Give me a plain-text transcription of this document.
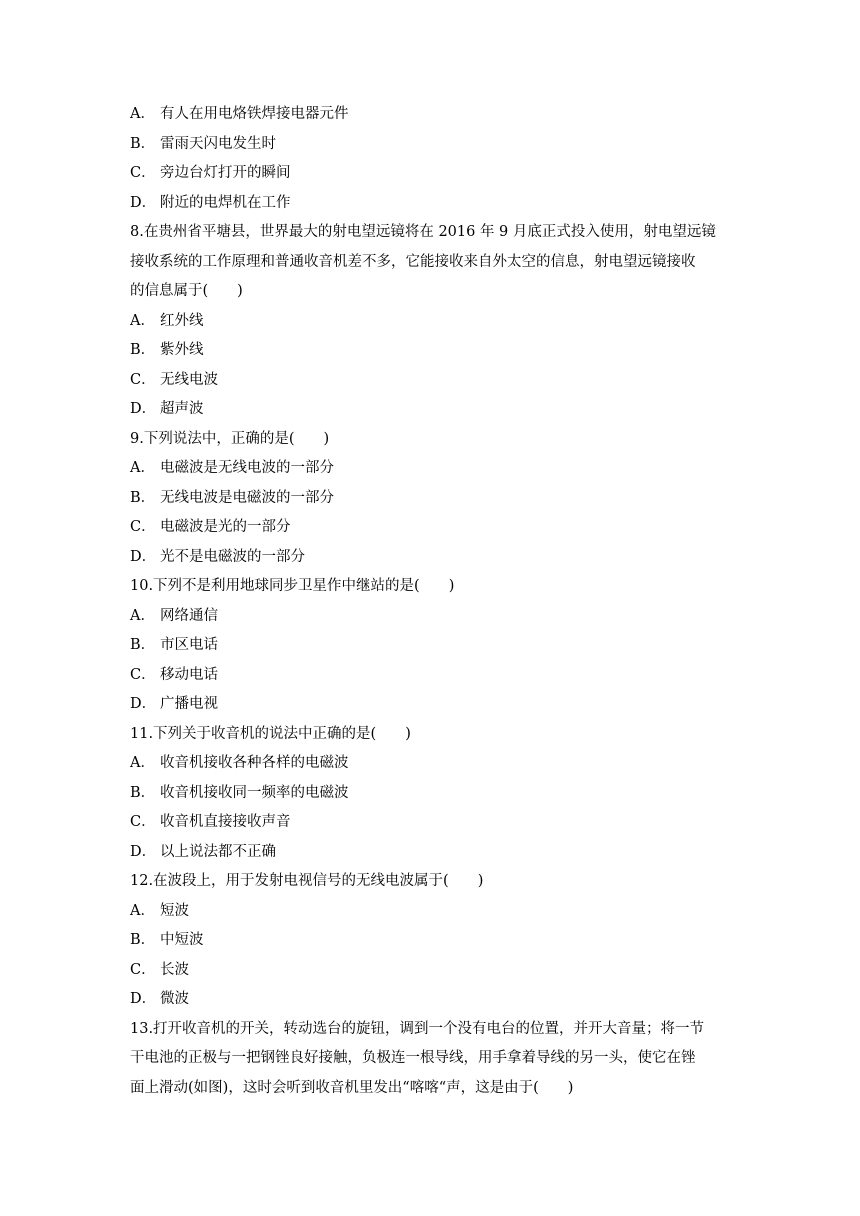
A． 有人在用电烙铁焊接电器元件
B． 雷雨天闪电发生时
C． 旁边台灯打开的瞬间
D． 附近的电焊机在工作
8.在贵州省平塘县，世界最大的射电望远镜将在 2016 年 9 月底正式投入使用，射电望远镜
接收系统的工作原理和普通收音机差不多，它能接收来自外太空的信息，射电望远镜接收
的信息属于(　　)
A． 红外线
B． 紫外线
C． 无线电波
D． 超声波
9.下列说法中，正确的是(　　)
A． 电磁波是无线电波的一部分
B． 无线电波是电磁波的一部分
C． 电磁波是光的一部分
D． 光不是电磁波的一部分
10.下列不是利用地球同步卫星作中继站的是(　　)
A． 网络通信
B． 市区电话
C． 移动电话
D． 广播电视
11.下列关于收音机的说法中正确的是(　　)
A． 收音机接收各种各样的电磁波
B． 收音机接收同一频率的电磁波
C． 收音机直接接收声音
D． 以上说法都不正确
12.在波段上，用于发射电视信号的无线电波属于(　　)
A． 短波
B． 中短波
C． 长波
D． 微波
13.打开收音机的开关，转动选台的旋钮，调到一个没有电台的位置，并开大音量；将一节
干电池的正极与一把钢锉良好接触，负极连一根导线，用手拿着导线的另一头，使它在锉
面上滑动(如图)，这时会听到收音机里发出“喀喀“声，这是由于(　　)
